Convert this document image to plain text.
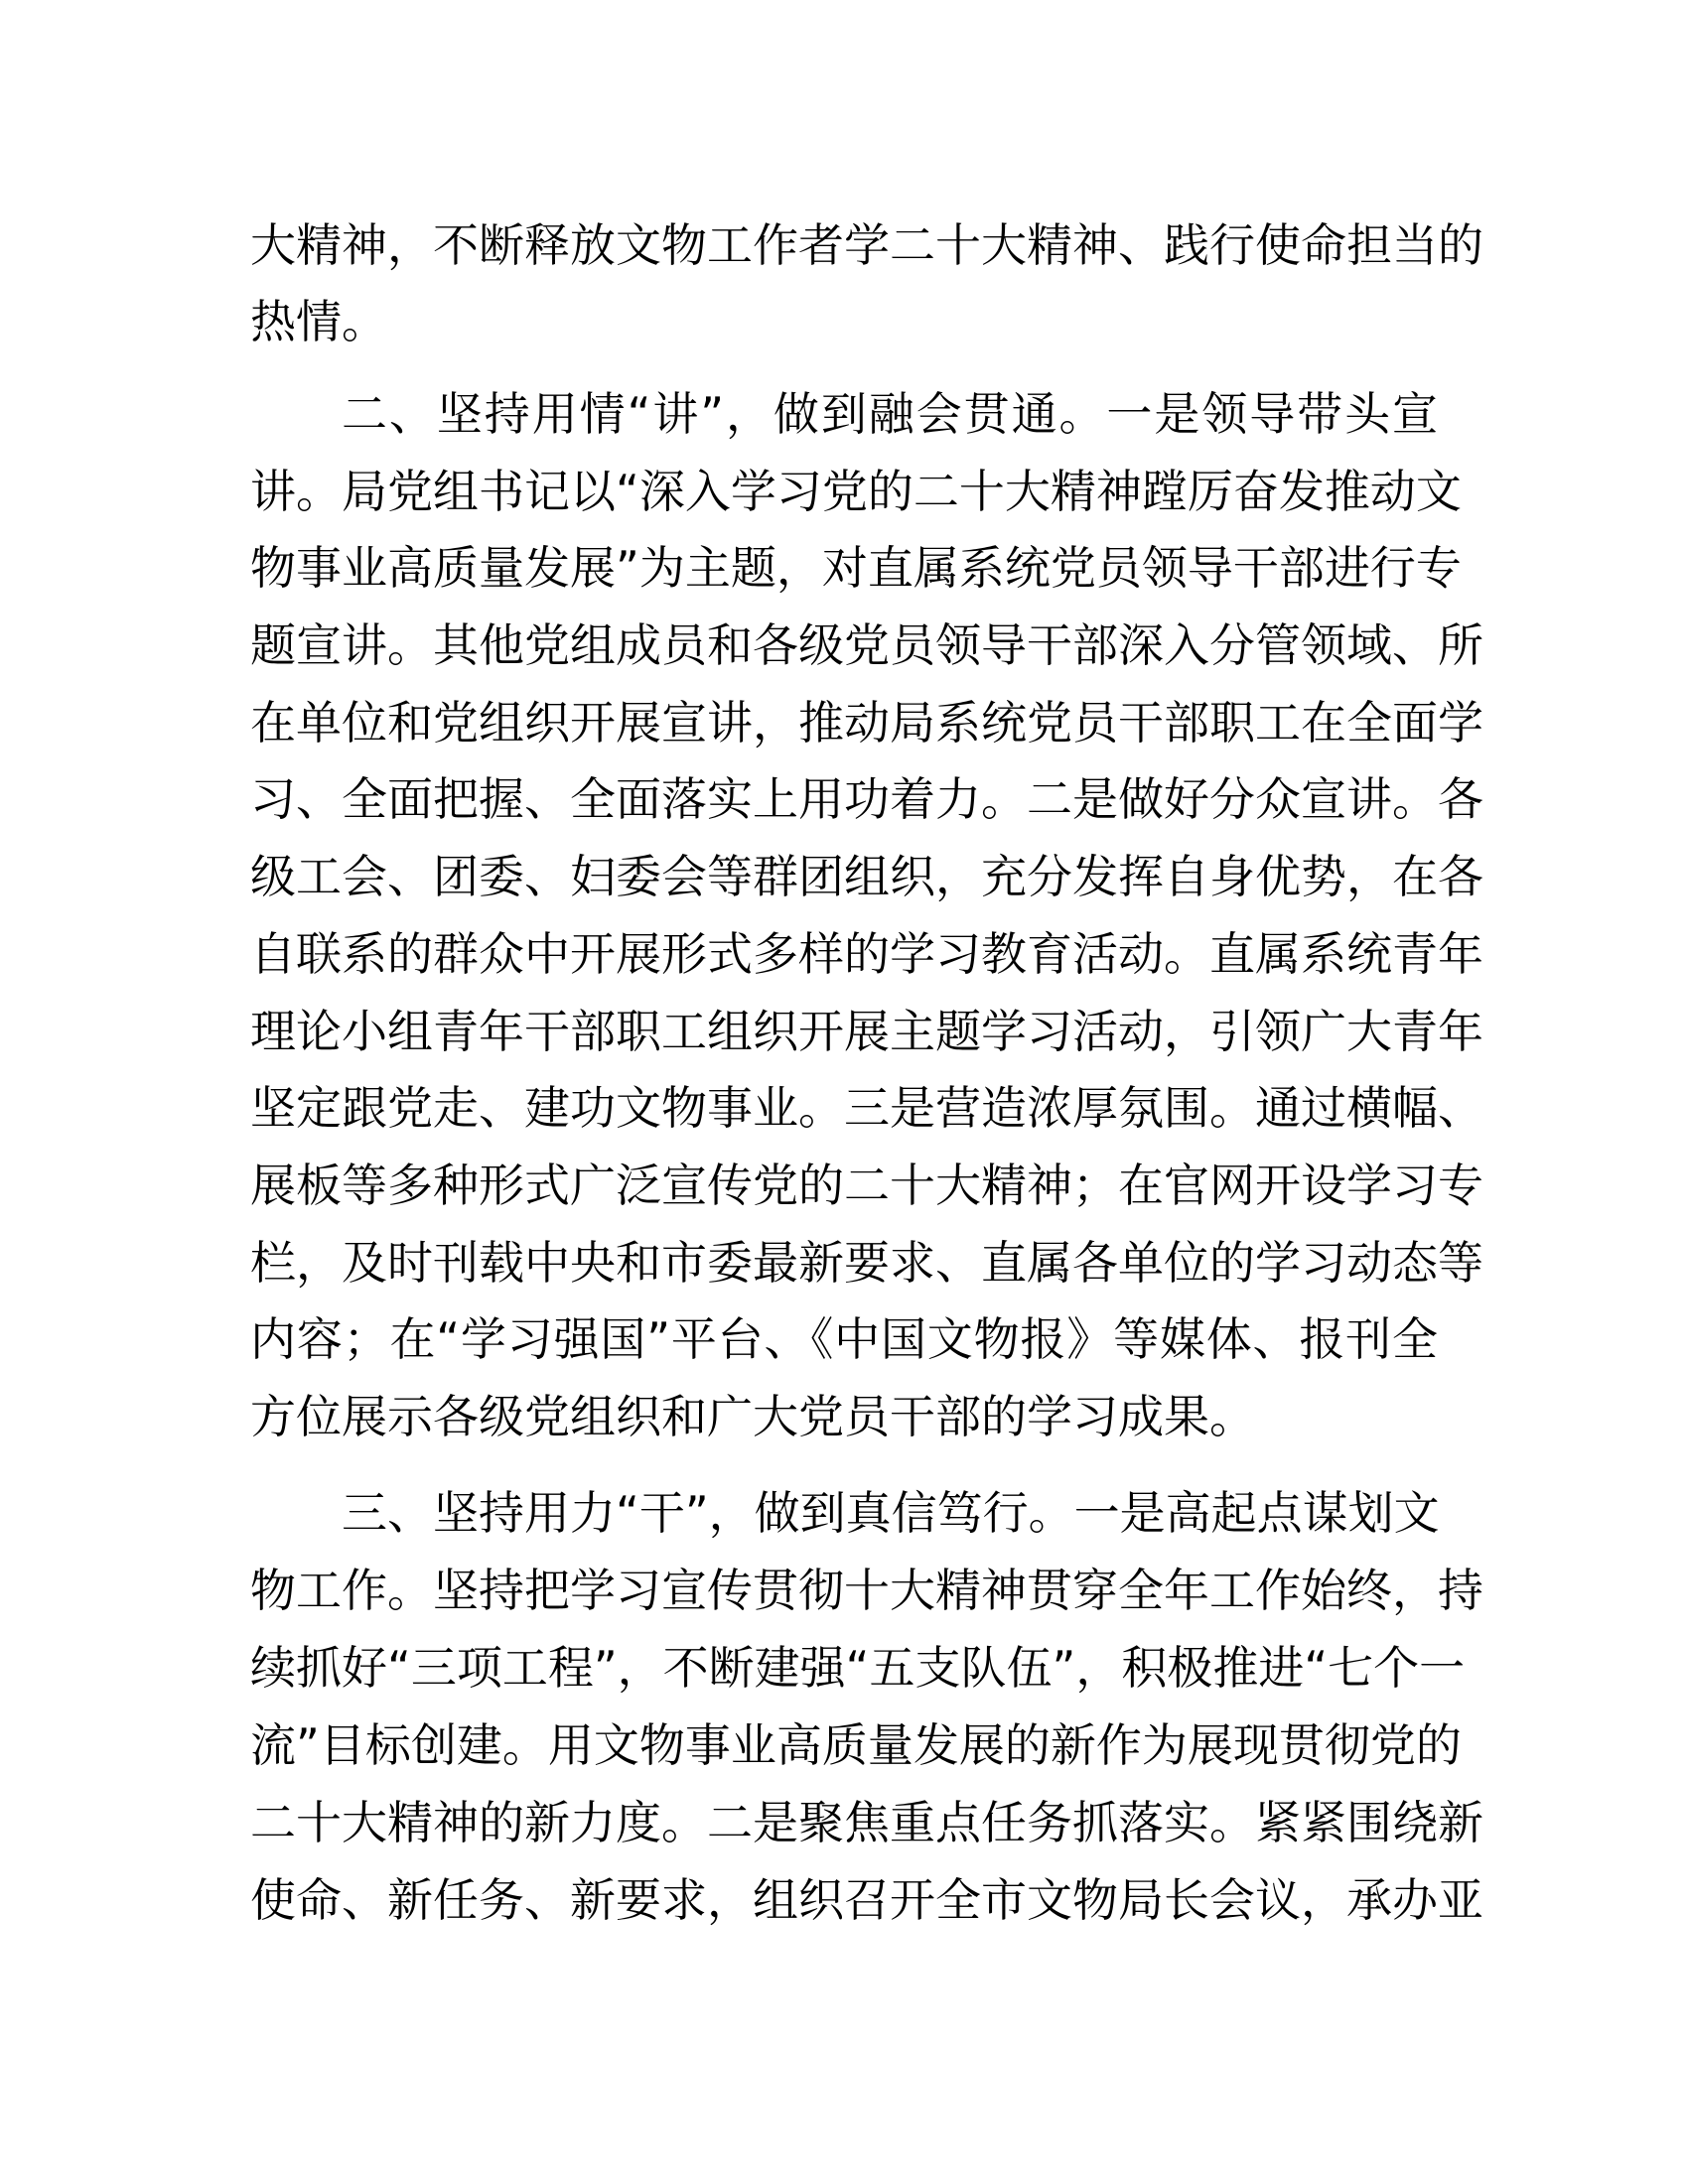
大精神，不断释放文物工作者学二十大精神、践行使命担当的
热情。
二、坚持用情“讲”，做到融会贯通。一是领导带头宣
讲。局党组书记以“深入学习党的二十大精神蹚厉奋发推动文
物事业高质量发展”为主题，对直属系统党员领导干部进行专
题宣讲。其他党组成员和各级党员领导干部深入分管领域、所
在单位和党组织开展宣讲，推动局系统党员干部职工在全面学
习、全面把握、全面落实上用功着力。二是做好分众宣讲。各
级工会、团委、妇委会等群团组织，充分发挥自身优势，在各
自联系的群众中开展形式多样的学习教育活动。直属系统青年
理论小组青年干部职工组织开展主题学习活动，引领广大青年
坚定跟党走、建功文物事业。三是营造浓厚氛围。通过横幅、
展板等多种形式广泛宣传党的二十大精神；在官网开设学习专
栏，及时刊载中央和市委最新要求、直属各单位的学习动态等
内容；在“学习强国”平台、《中国文物报》等媒体、报刊全
方位展示各级党组织和广大党员干部的学习成果。
三、坚持用力“干”，做到真信笃行。一是高起点谋划文
物工作。坚持把学习宣传贯彻十大精神贯穿全年工作始终，持
续抓好“三项工程”，不断建强“五支队伍”，积极推进“七个一
流”目标创建。用文物事业高质量发展的新作为展现贯彻党的
二十大精神的新力度。二是聚焦重点任务抓落实。紧紧围绕新
使命、新任务、新要求，组织召开全市文物局长会议，承办亚
